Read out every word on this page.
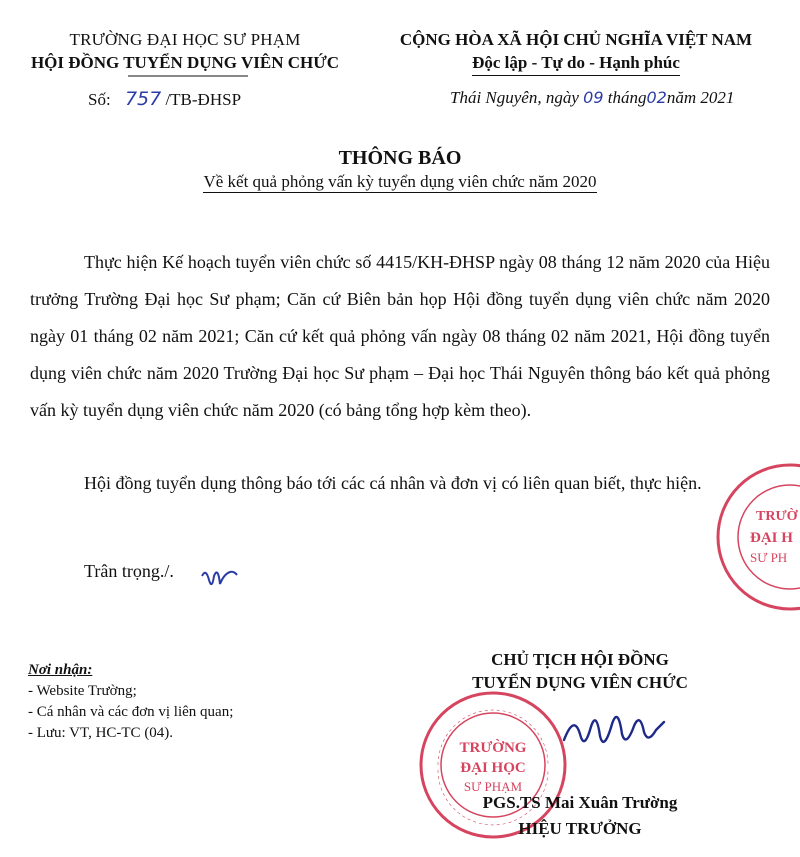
TRƯỜNG ĐẠI HỌC SƯ PHẠM
HỘI ĐỒNG TUYỂN DỤNG VIÊN CHỨC
CỘNG HÒA XÃ HỘI CHỦ NGHĨA VIỆT NAM
Độc lập - Tự do - Hạnh phúc
Số: 757 /TB-ĐHSP	Thái Nguyên, ngày 09 tháng02năm 2021
THÔNG BÁO
Về kết quả phỏng vấn kỳ tuyển dụng viên chức năm 2020

Thực hiện Kế hoạch tuyển viên chức số 4415/KH-ĐHSP ngày 08 tháng 12 năm 2020 của Hiệu trưởng Trường Đại học Sư phạm; Căn cứ Biên bản họp Hội đồng tuyển dụng viên chức năm 2020 ngày 01 tháng 02 năm 2021; Căn cứ kết quả phỏng vấn ngày 08 tháng 02 năm 2021, Hội đồng tuyển dụng viên chức năm 2020 Trường Đại học Sư phạm – Đại học Thái Nguyên thông báo kết quả phỏng vấn kỳ tuyển dụng viên chức năm 2020 (có bảng tổng hợp kèm theo).

Hội đồng tuyển dụng thông báo tới các cá nhân và đơn vị có liên quan biết, thực hiện.

Trân trọng./.
Nơi nhận:
- Website Trường;
- Cá nhân và các đơn vị liên quan;
- Lưu: VT, HC-TC (04).
CHỦ TỊCH HỘI ĐỒNG
TUYỂN DỤNG VIÊN CHỨC
TRƯỜNG
ĐẠI HỌC
SƯ PHẠM
TRƯỜ
ĐẠI H
SƯ PH
PGS.TS Mai Xuân Trường
HIỆU TRƯỞNG
